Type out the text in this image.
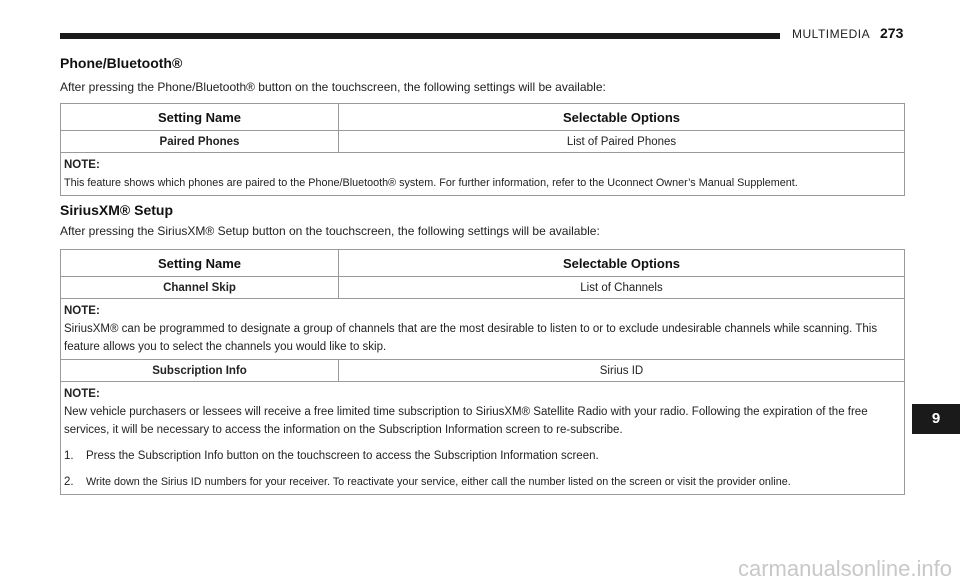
MULTIMEDIA 273
Phone/Bluetooth®
After pressing the Phone/Bluetooth® button on the touchscreen, the following settings will be available:
Setting Name	Selectable Options
Paired Phones	List of Paired Phones

NOTE:
This feature shows which phones are paired to the Phone/Bluetooth® system. For further information, refer to the Uconnect Owner’s Manual Supplement.	
SiriusXM® Setup
After pressing the SiriusXM® Setup button on the touchscreen, the following settings will be available:
Setting Name	Selectable Options
Channel Skip	List of Channels

NOTE:
SiriusXM® can be programmed to designate a group of channels that are the most desirable to listen to or to exclude undesirable channels while scanning. This feature allows you to select the channels you would like to skip.	
Subscription Info	Sirius ID

NOTE:
New vehicle purchasers or lessees will receive a free limited time subscription to SiriusXM® Satellite Radio with your radio. Following the expiration of the free services, it will be necessary to access the information on the Subscription Information screen to re-subscribe.
1. Press the Subscription Info button on the touchscreen to access the Subscription Information screen.
2. Write down the Sirius ID numbers for your receiver. To reactivate your service, either call the number listed on the screen or visit the provider online.	
9
carmanualsonline.info
